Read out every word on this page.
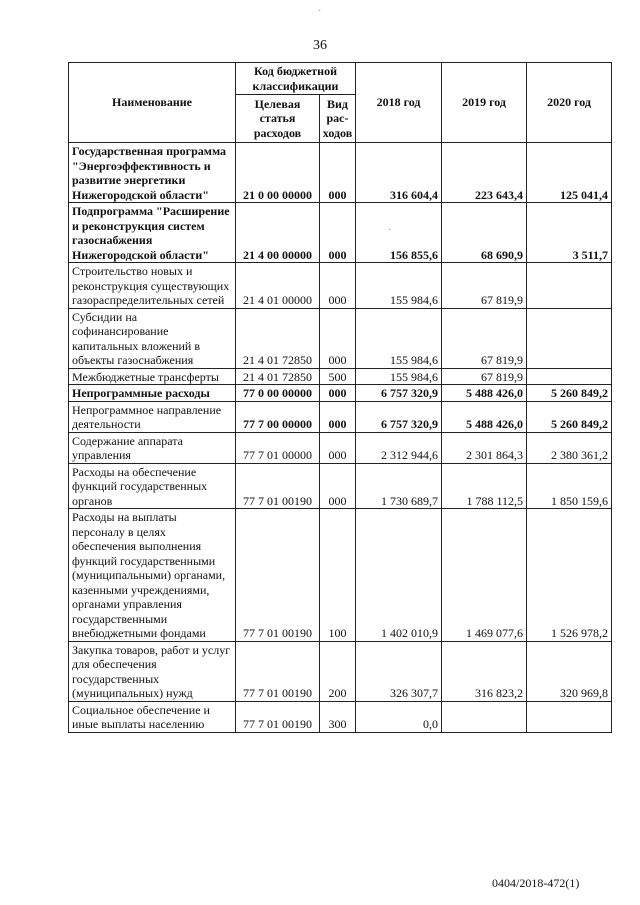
36
·
·
Наименование	Код бюджетной классификации		2018 год	2019 год	2020 год
	Целевая статья расходов	Вид рас-ходов			
Государственная программа "Энергоэффективность и развитие энергетики Нижегородской области"	21 0 00 00000	000	316 604,4	223 643,4	125 041,4
Подпрограмма "Расширение и реконструкция систем газоснабжения Нижегородской области"	21 4 00 00000	000	156 855,6	68 690,9	3 511,7
Строительство новых и реконструкция существующих газораспределительных сетей	21 4 01 00000	000	155 984,6	67 819,9	
Субсидии на софинансирование капитальных вложений в объекты газоснабжения	21 4 01 72850	000	155 984,6	67 819,9	
Межбюджетные трансферты	21 4 01 72850	500	155 984,6	67 819,9	
Непрограммные расходы	77 0 00 00000	000	6 757 320,9	5 488 426,0	5 260 849,2
Непрограммное направление деятельности	77 7 00 00000	000	6 757 320,9	5 488 426,0	5 260 849,2
Содержание аппарата управления	77 7 01 00000	000	2 312 944,6	2 301 864,3	2 380 361,2
Расходы на обеспечение функций государственных органов	77 7 01 00190	000	1 730 689,7	1 788 112,5	1 850 159,6
Расходы на выплаты персоналу в целях обеспечения выполнения функций государственными (муниципальными) органами, казенными учреждениями, органами управления государственными внебюджетными фондами	77 7 01 00190	100	1 402 010,9	1 469 077,6	1 526 978,2
Закупка товаров, работ и услуг для обеспечения государственных (муниципальных) нужд	77 7 01 00190	200	326 307,7	316 823,2	320 969,8
Социальное обеспечение и иные выплаты населению	77 7 01 00190	300	0,0		
0404/2018-472(1)
